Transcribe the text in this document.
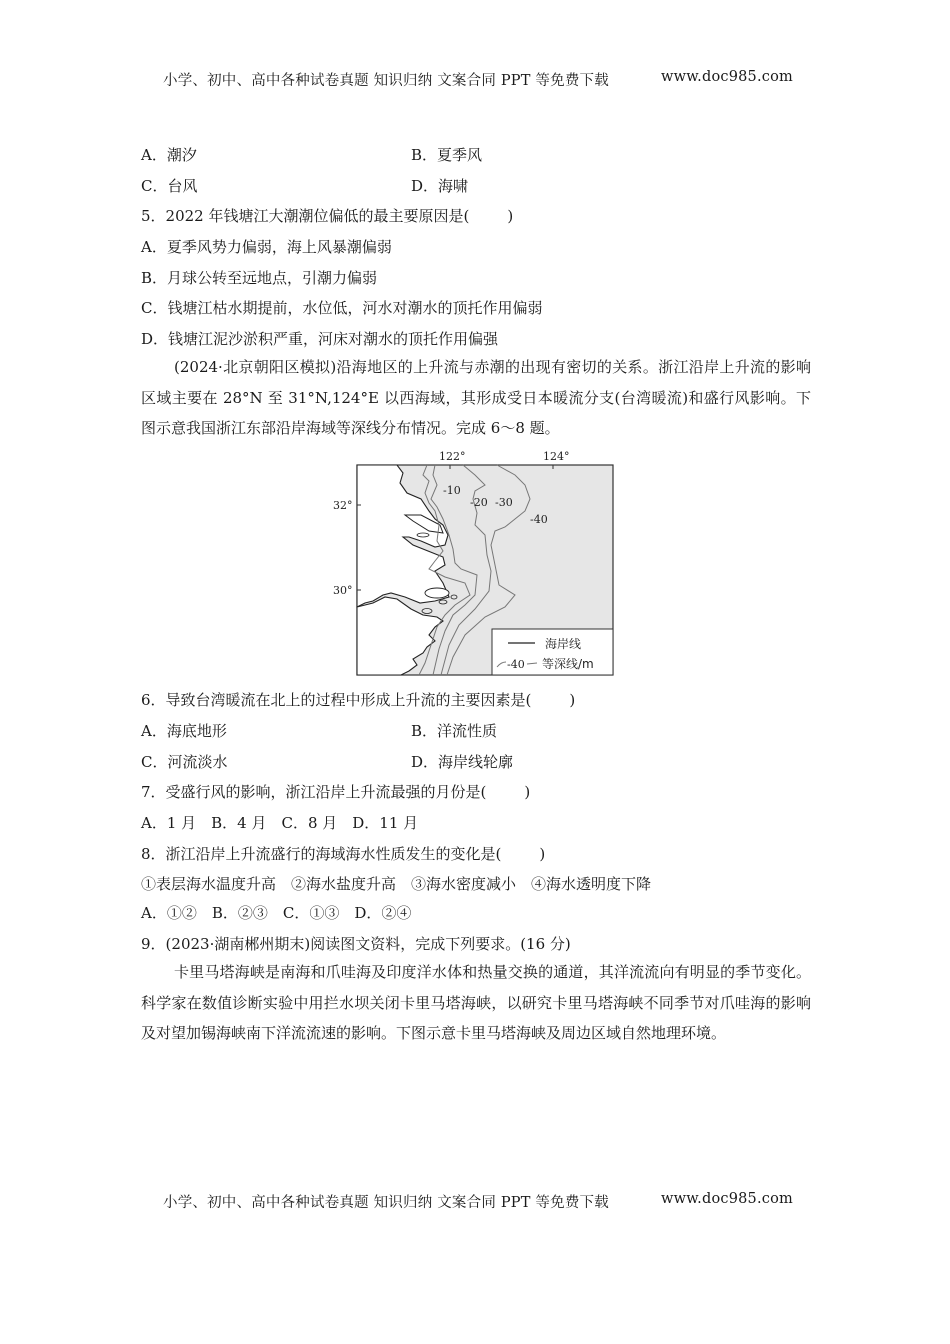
小学、初中、高中各种试卷真题 知识归纳 文案合同 PPT 等免费下载	www.doc985.com
A．潮汐	B．夏季风
C．台风	D．海啸
5．2022 年钱塘江大潮潮位偏低的最主要原因是(	)
A．夏季风势力偏弱，海上风暴潮偏弱
B．月球公转至远地点，引潮力偏弱
C．钱塘江枯水期提前，水位低，河水对潮水的顶托作用偏弱
D．钱塘江泥沙淤积严重，河床对潮水的顶托作用偏强
(2024·北京朝阳区模拟)沿海地区的上升流与赤潮的出现有密切的关系。浙江沿岸上升流的影响区域主要在 28°N 至 31°N,124°E 以西海域，其形成受日本暖流分支(台湾暖流)和盛行风影响。下图示意我国浙江东部沿岸海域等深线分布情况。完成 6～8 题。
122°	124°
32°
30°
-10
-20 -30
-40
海岸线
-40 等深线/m
6．导致台湾暖流在北上的过程中形成上升流的主要因素是(	)
A．海底地形	B．洋流性质
C．河流淡水	D．海岸线轮廓
7．受盛行风的影响，浙江沿岸上升流最强的月份是(	)
A．1 月　B．4 月　C．8 月　D．11 月
8．浙江沿岸上升流盛行的海域海水性质发生的变化是(	)
①表层海水温度升高　②海水盐度升高　③海水密度减小　④海水透明度下降
A．①②　B．②③　C．①③　D．②④
9．(2023·湖南郴州期末)阅读图文资料，完成下列要求。(16 分)
卡里马塔海峡是南海和爪哇海及印度洋水体和热量交换的通道，其洋流流向有明显的季节变化。科学家在数值诊断实验中用拦水坝关闭卡里马塔海峡，以研究卡里马塔海峡不同季节对爪哇海的影响及对望加锡海峡南下洋流流速的影响。下图示意卡里马塔海峡及周边区域自然地理环境。
小学、初中、高中各种试卷真题 知识归纳 文案合同 PPT 等免费下载	www.doc985.com
